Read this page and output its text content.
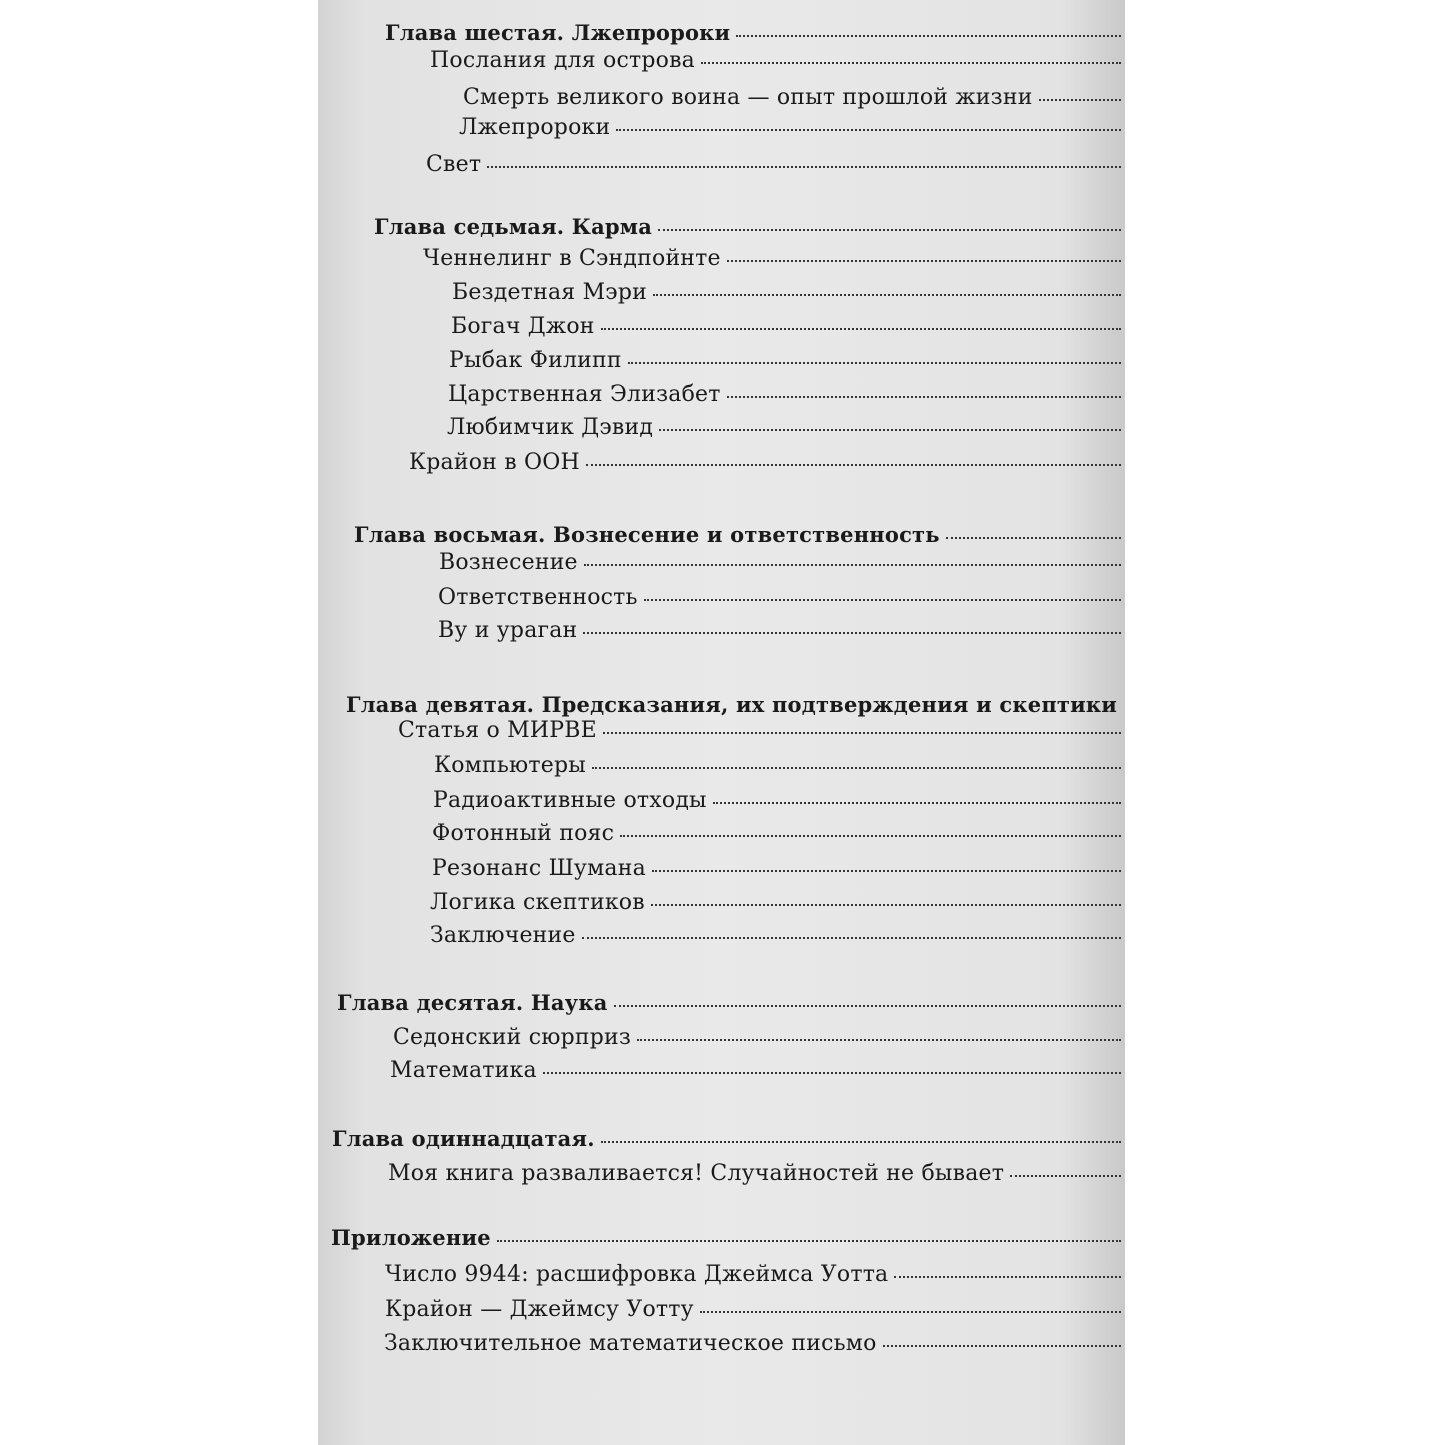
Глава шестая. Лжепророки
Послания для острова
Смерть великого воина — опыт прошлой жизни
Лжепророки
Свет
Глава седьмая. Карма
Ченнелинг в Сэндпойнте
Бездетная Мэри
Богач Джон
Рыбак Филипп
Царственная Элизабет
Любимчик Дэвид
Крайон в ООН
Глава восьмая. Вознесение и ответственность
Вознесение
Ответственность
Ву и ураган
Глава девятая. Предсказания, их подтверждения и скептики
Статья о МИРВЕ
Компьютеры
Радиоактивные отходы
Фотонный пояс
Резонанс Шумана
Логика скептиков
Заключение
Глава десятая. Наука
Седонский сюрприз
Математика
Глава одиннадцатая.
Моя книга разваливается! Случайностей не бывает
Приложение
Число 9944: расшифровка Джеймса Уотта
Крайон — Джеймсу Уотту
Заключительное математическое письмо
